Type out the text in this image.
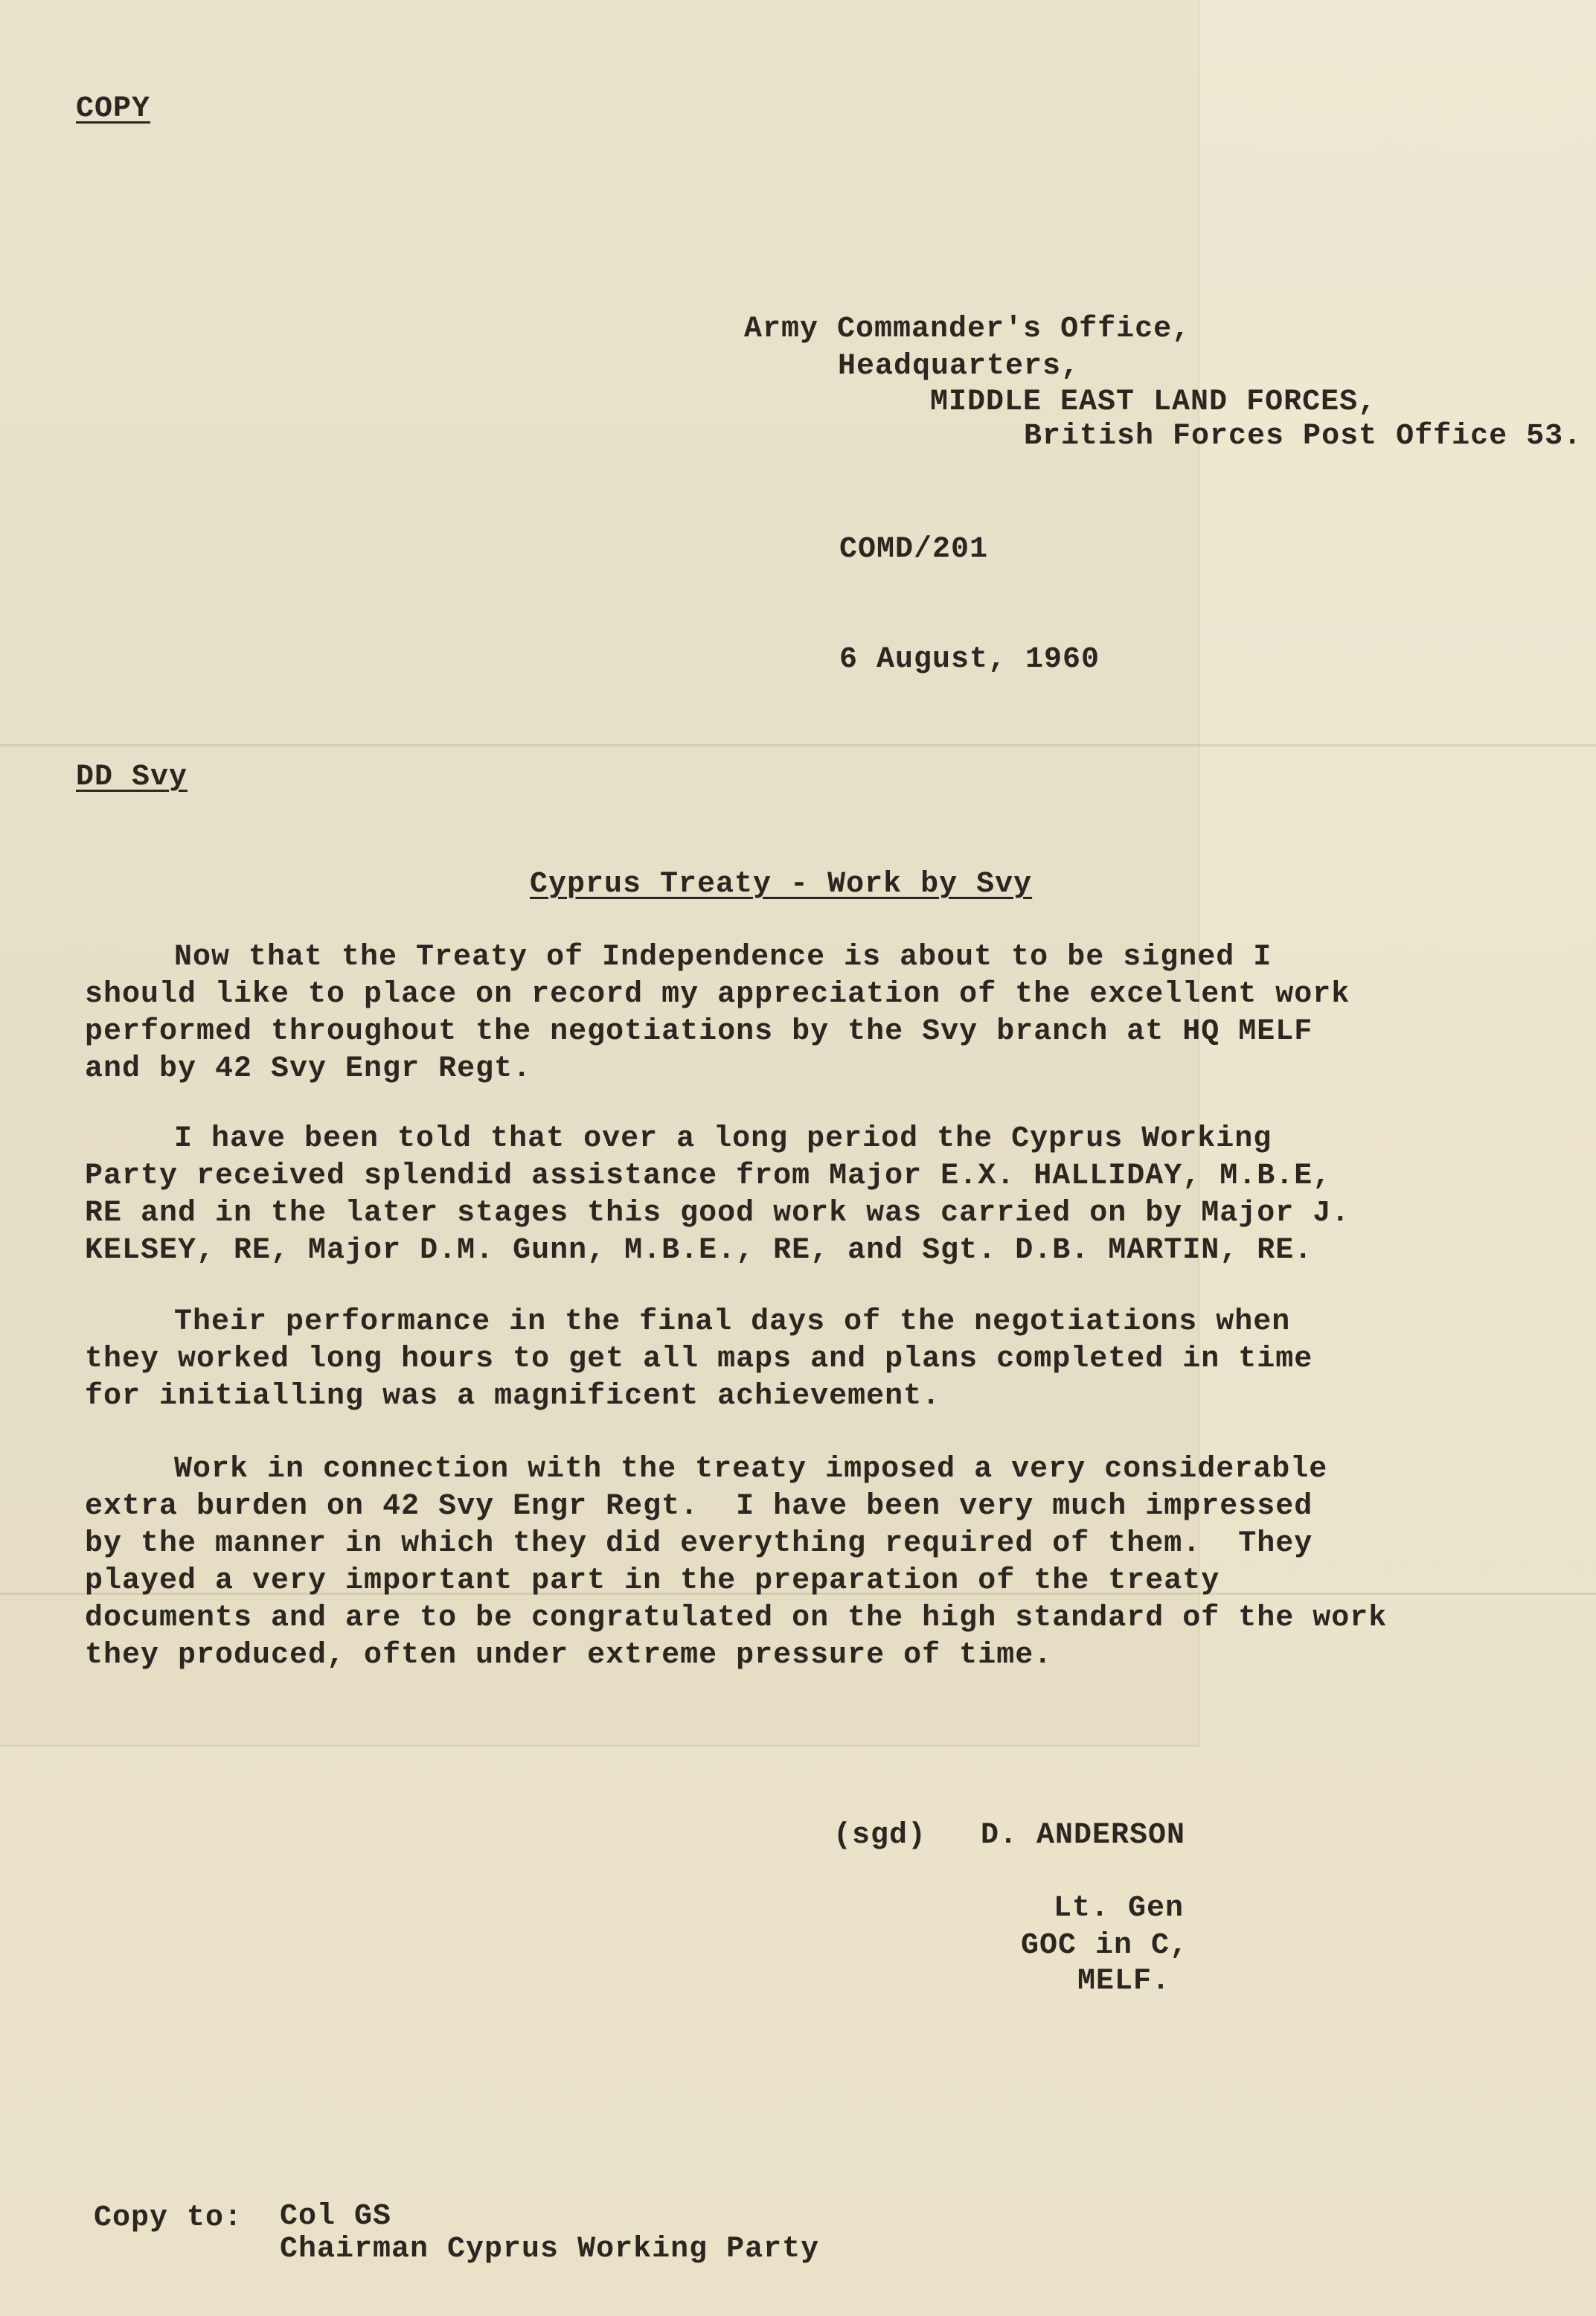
COPY
Army Commander's Office,
Headquarters,
MIDDLE EAST LAND FORCES,
British Forces Post Office 53.
COMD/201
6 August, 1960
DD Svy
Cyprus Treaty - Work by Svy
Now that the Treaty of Independence is about to be signed I
should like to place on record my appreciation of the excellent work
performed throughout the negotiations by the Svy branch at HQ MELF
and by 42 Svy Engr Regt.
I have been told that over a long period the Cyprus Working
Party received splendid assistance from Major E.X. HALLIDAY, M.B.E,
RE and in the later stages this good work was carried on by Major J.
KELSEY, RE, Major D.M. Gunn, M.B.E., RE, and Sgt. D.B. MARTIN, RE.
Their performance in the final days of the negotiations when
they worked long hours to get all maps and plans completed in time
for initialling was a magnificent achievement.
Work in connection with the treaty imposed a very considerable
extra burden on 42 Svy Engr Regt.  I have been very much impressed
by the manner in which they did everything required of them.  They
played a very important part in the preparation of the treaty
documents and are to be congratulated on the high standard of the work
they produced, often under extreme pressure of time.
(sgd) D. ANDERSON
Lt. Gen
GOC in C,
MELF.
Copy to: Col GS
Chairman Cyprus Working Party
